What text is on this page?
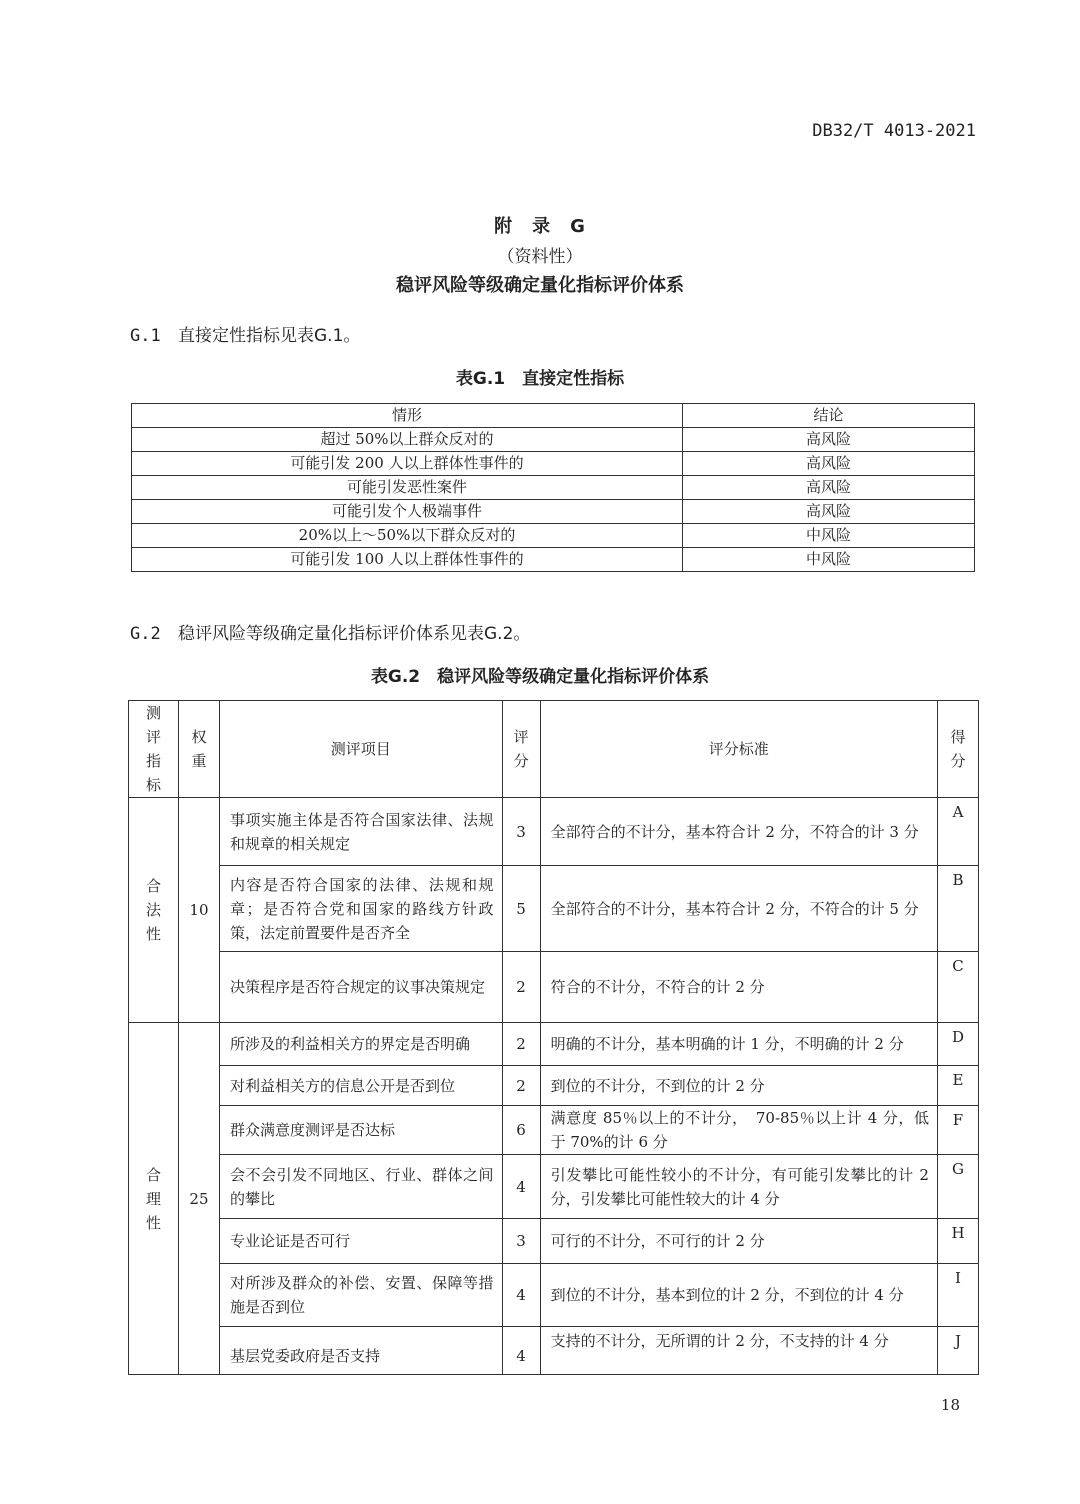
DB32/T 4013-2021
附　录　G
（资料性）
稳评风险等级确定量化指标评价体系
G.1 直接定性指标见表G.1。
表G.1　直接定性指标
情形	结论
超过 50%以上群众反对的	高风险
可能引发 200 人以上群体性事件的	高风险
可能引发恶性案件	高风险
可能引发个人极端事件	高风险
20%以上～50%以下群众反对的	中风险
可能引发 100 人以上群体性事件的	中风险
G.2 稳评风险等级确定量化指标评价体系见表G.2。
表G.2　稳评风险等级确定量化指标评价体系
测评指标	权重	测评项目	评分	评分标准	得分
合法性	10	事项实施主体是否符合国家法律、法规和规章的相关规定	3	全部符合的不计分，基本符合计 2 分，不符合的计 3 分	A
		内容是否符合国家的法律、法规和规章；是否符合党和国家的路线方针政策，法定前置要件是否齐全	5	全部符合的不计分，基本符合计 2 分，不符合的计 5 分	B
		决策程序是否符合规定的议事决策规定	2	符合的不计分，不符合的计 2 分	C
合理性	25	所涉及的利益相关方的界定是否明确	2	明确的不计分，基本明确的计 1 分，不明确的计 2 分	D
		对利益相关方的信息公开是否到位	2	到位的不计分，不到位的计 2 分	E
		群众满意度测评是否达标	6	满意度 85％以上的不计分，　70-85％以上计 4 分，低于 70%的计 6 分	F
		会不会引发不同地区、行业、群体之间的攀比	4	引发攀比可能性较小的不计分，有可能引发攀比的计 2 分，引发攀比可能性较大的计 4 分	G
		专业论证是否可行	3	可行的不计分，不可行的计 2 分	H
		对所涉及群众的补偿、安置、保障等措施是否到位	4	到位的不计分，基本到位的计 2 分，不到位的计 4 分	I
		基层党委政府是否支持	4	支持的不计分，无所谓的计 2 分，不支持的计 4 分	J
18
